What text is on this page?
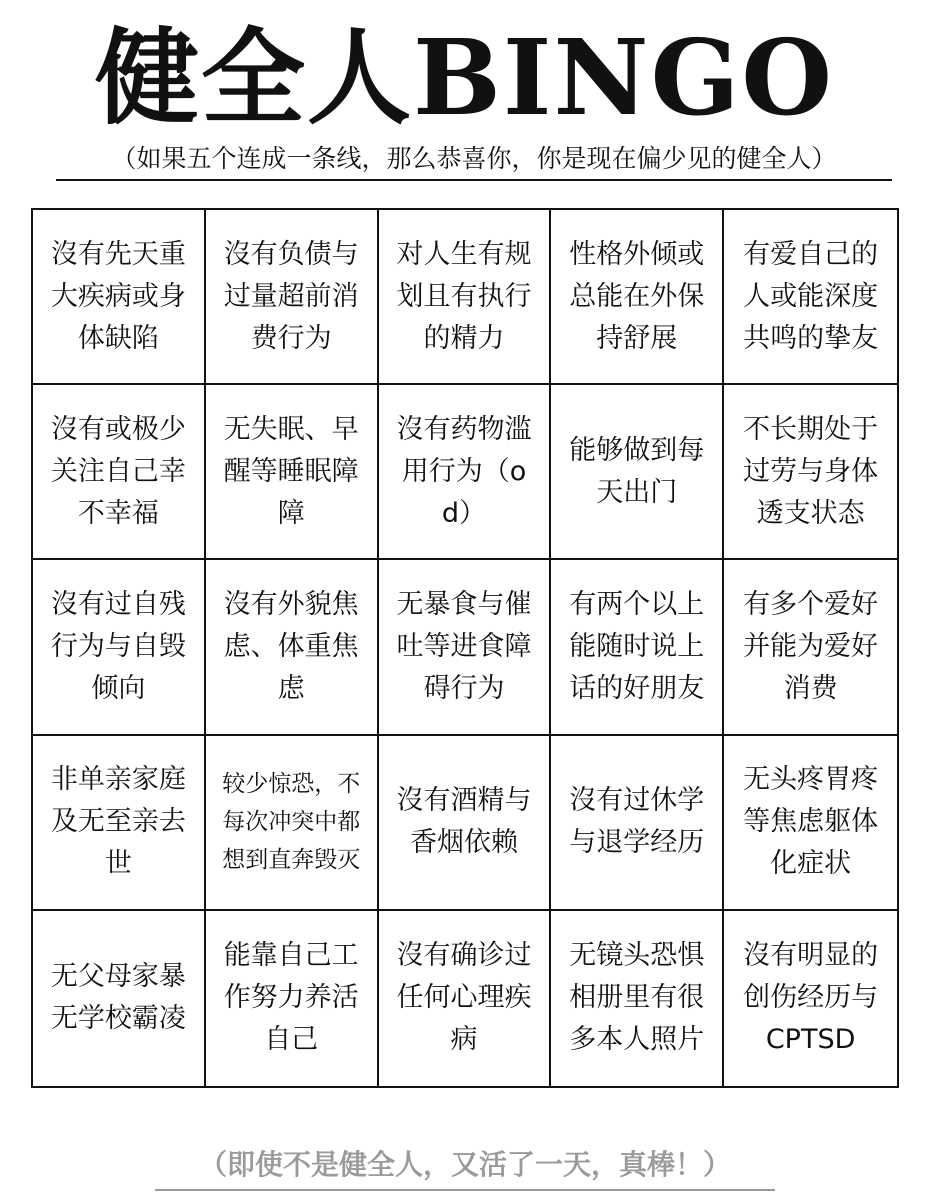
健全人BINGO
（如果五个连成一条线，那么恭喜你，你是现在偏少见的健全人）
沒有先天重大疾病或身体缺陷
沒有负债与过量超前消费行为
对人生有规划且有执行的精力
性格外倾或总能在外保持舒展
有爱自己的人或能深度共鸣的挚友
沒有或极少关注自己幸不幸福
无失眠、早醒等睡眠障障
沒有药物滥用行为（od）
能够做到每天出门
不长期处于过劳与身体透支状态
沒有过自残行为与自毁倾向
沒有外貌焦虑、体重焦虑
无暴食与催吐等进食障碍行为
有两个以上能随时说上话的好朋友
有多个爱好并能为爱好消费
非单亲家庭及无至亲去世
较少惊恐，不每次冲突中都想到直奔毁灭
沒有酒精与香烟依赖
沒有过休学与退学经历
无头疼胃疼等焦虑躯体化症状
无父母家暴无学校霸凌
能靠自己工作努力养活自己
沒有确诊过任何心理疾病
无镜头恐惧相册里有很多本人照片
沒有明显的创伤经历与CPTSD
（即使不是健全人，又活了一天，真棒！）
